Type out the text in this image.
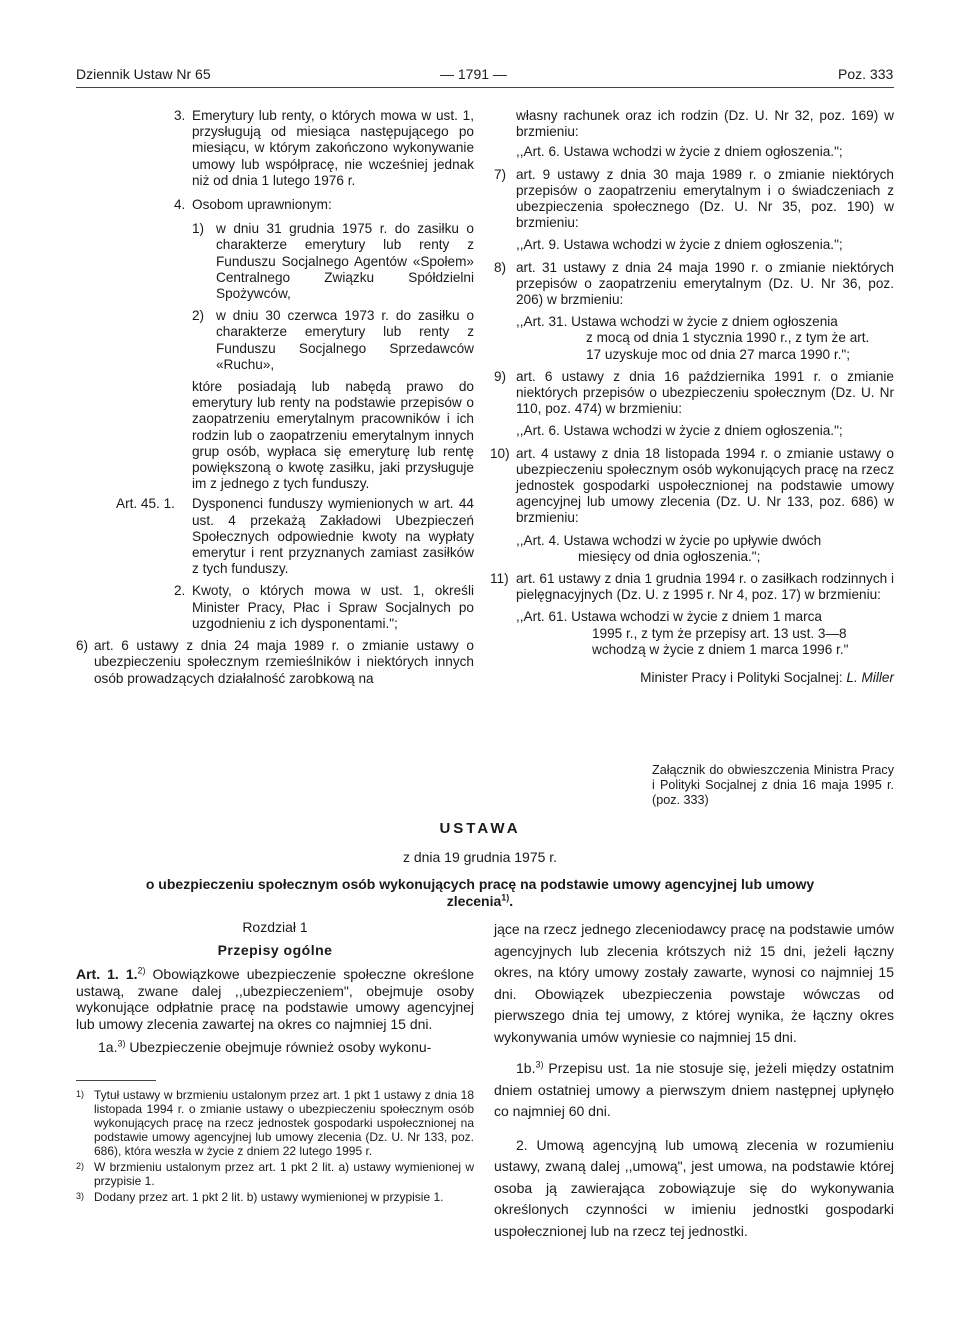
Dziennik Ustaw Nr 65	— 1791 —	Poz. 333
3. Emerytury lub renty, o których mowa w ust. 1, przysługują od miesiąca następującego po miesiącu, w którym zakończono wykonywanie umowy lub współpracę, nie wcześniej jednak niż od dnia 1 lutego 1976 r.

4. Osobom uprawnionym:

1) w dniu 31 grudnia 1975 r. do zasiłku o charakterze emerytury lub renty z Funduszu Socjalnego Agentów «Społem» Centralnego Związku Spółdzielni Spożywców,

2) w dniu 30 czerwca 1973 r. do zasiłku o charakterze emerytury lub renty z Funduszu Socjalnego Sprzedawców «Ruchu»,

które posiadają lub nabędą prawo do emerytury lub renty na podstawie przepisów o zaopatrzeniu emerytalnym pracowników i ich rodzin lub o zaopatrzeniu emerytalnym innych grup osób, wypłaca się emeryturę lub rentę powiększoną o kwotę zasiłku, jaki przysługuje im z jednego z tych funduszy.

Art. 45. 1. Dysponenci funduszy wymienionych w art. 44 ust. 4 przekażą Zakładowi Ubezpieczeń Społecznych odpowiednie kwoty na wypłaty emerytur i rent przyznanych zamiast zasiłków z tych funduszy.

2. Kwoty, o których mowa w ust. 1, określi Minister Pracy, Płac i Spraw Socjalnych po uzgodnieniu z ich dysponentami.";

6) art. 6 ustawy z dnia 24 maja 1989 r. o zmianie ustawy o ubezpieczeniu społecznym rzemieślników i niektórych innych osób prowadzących działalność zarobkową na

własny rachunek oraz ich rodzin (Dz. U. Nr 32, poz. 169) w brzmieniu:

,,Art. 6. Ustawa wchodzi w życie z dniem ogłoszenia.";

7) art. 9 ustawy z dnia 30 maja 1989 r. o zmianie niektórych przepisów o zaopatrzeniu emerytalnym i o świadczeniach z ubezpieczenia społecznego (Dz. U. Nr 35, poz. 190) w brzmieniu:

,,Art. 9. Ustawa wchodzi w życie z dniem ogłoszenia.";

8) art. 31 ustawy z dnia 24 maja 1990 r. o zmianie niektórych przepisów o zaopatrzeniu emerytalnym (Dz. U. Nr 36, poz. 206) w brzmieniu:

,,Art. 31. Ustawa wchodzi w życie z dniem ogłoszenia

z mocą od dnia 1 stycznia 1990 r., z tym że art.

17 uzyskuje moc od dnia 27 marca 1990 r.";

9) art. 6 ustawy z dnia 16 października 1991 r. o zmianie niektórych przepisów o ubezpieczeniu społecznym (Dz. U. Nr 110, poz. 474) w brzmieniu:

,,Art. 6. Ustawa wchodzi w życie z dniem ogłoszenia.";

10) art. 4 ustawy z dnia 18 listopada 1994 r. o zmianie ustawy o ubezpieczeniu społecznym osób wykonujących pracę na rzecz jednostek gospodarki uspołecznionej na podstawie umowy agencyjnej lub umowy zlecenia (Dz. U. Nr 133, poz. 686) w brzmieniu:

,,Art. 4. Ustawa wchodzi w życie po upływie dwóch

miesięcy od dnia ogłoszenia.";

11) art. 61 ustawy z dnia 1 grudnia 1994 r. o zasiłkach rodzinnych i pielęgnacyjnych (Dz. U. z 1995 r. Nr 4, poz. 17) w brzmieniu:

,,Art. 61. Ustawa wchodzi w życie z dniem 1 marca

1995 r., z tym że przepisy art. 13 ust. 3—8

wchodzą w życie z dniem 1 marca 1996 r."

Minister Pracy i Polityki Socjalnej: L. Miller
Załącznik do obwieszczenia Ministra Pracy i Polityki Socjalnej z dnia 16 maja 1995 r. (poz. 333)
USTAWA
z dnia 19 grudnia 1975 r.
o ubezpieczeniu społecznym osób wykonujących pracę na podstawie umowy agencyjnej lub umowy
zlecenia$^{1)}$.
Rozdział 1
Przepisy ogólne

Art. 1. 1.$^{2)}$ Obowiązkowe ubezpieczenie społeczne określone ustawą, zwane dalej ,,ubezpieczeniem", obejmuje osoby wykonujące odpłatnie pracę na podstawie umowy agencyjnej lub umowy zlecenia zawartej na okres co najmniej 15 dni.

1a.$^{3)}$ Ubezpieczenie obejmuje również osoby wykonu-

1) Tytuł ustawy w brzmieniu ustalonym przez art. 1 pkt 1 ustawy z dnia 18 listopada 1994 r. o zmianie ustawy o ubezpieczeniu społecznym osób wykonujących pracę na rzecz jednostek gospodarki uspołecznionej na podstawie umowy agencyjnej lub umowy zlecenia (Dz. U. Nr 133, poz. 686), która weszła w życie z dniem 22 lutego 1995 r.
2) W brzmieniu ustalonym przez art. 1 pkt 2 lit. a) ustawy wymienionej w przypisie 1.
3) Dodany przez art. 1 pkt 2 lit. b) ustawy wymienionej w przypisie 1.

jące na rzecz jednego zleceniodawcy pracę na podstawie umów agencyjnych lub zlecenia krótszych niż 15 dni, jeżeli łączny okres, na który umowy zostały zawarte, wynosi co najmniej 15 dni. Obowiązek ubezpieczenia powstaje wówczas od pierwszego dnia tej umowy, z której wynika, że łączny okres wykonywania umów wyniesie co najmniej 15 dni.

1b.$^{3)}$ Przepisu ust. 1a nie stosuje się, jeżeli między ostatnim dniem ostatniej umowy a pierwszym dniem następnej upłynęło co najmniej 60 dni.

2. Umową agencyjną lub umową zlecenia w rozumieniu ustawy, zwaną dalej ,,umową", jest umowa, na podstawie której osoba ją zawierająca zobowiązuje się do wykonywania określonych czynności w imieniu jednostki gospodarki uspołecznionej lub na rzecz tej jednostki.
